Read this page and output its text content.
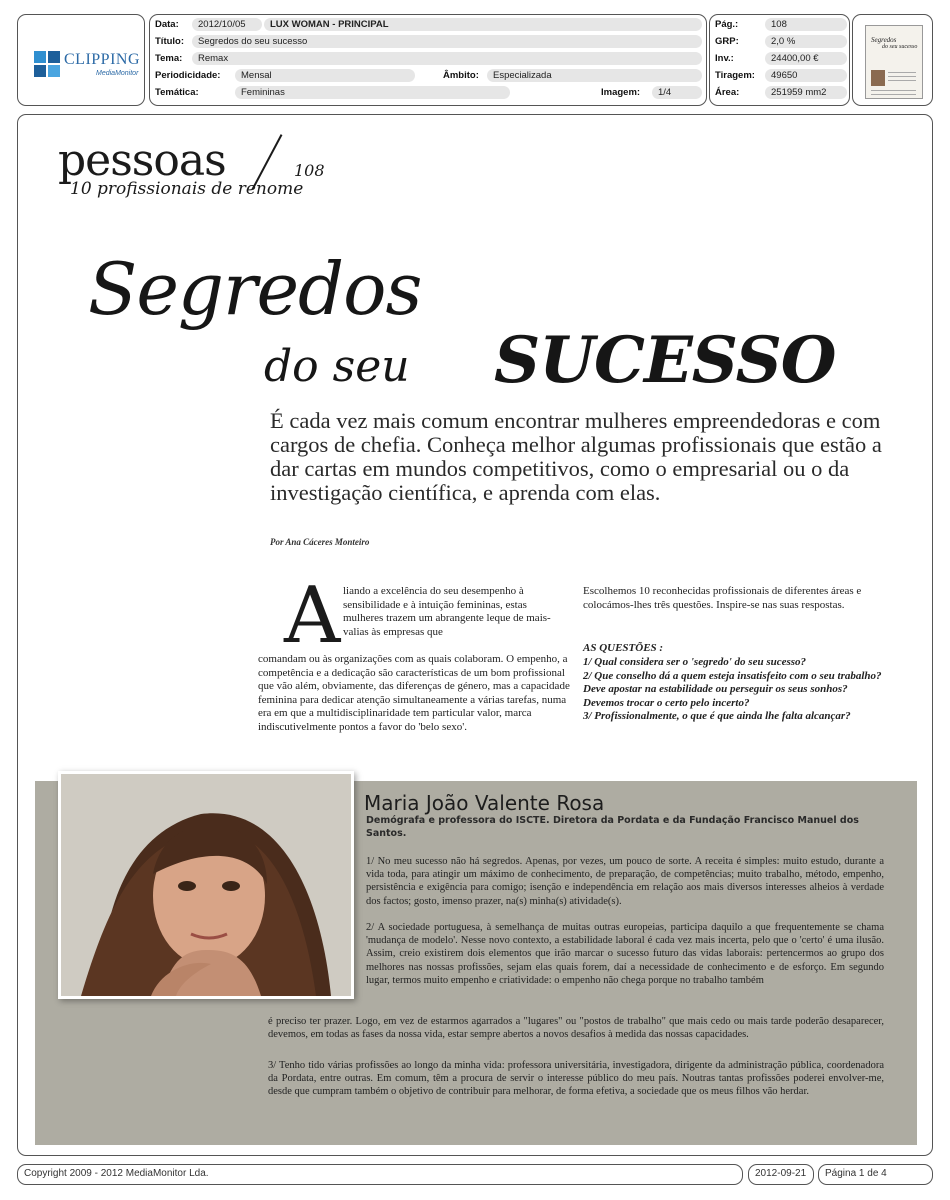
CLIPPING
MediaMonitor
Data:	2012/10/05	LUX WOMAN - PRINCIPAL
Título:	Segredos do seu sucesso
Tema:	Remax
Periodicidade:	Mensal	Âmbito:	Especializada
Temática:	Femininas	Imagem:	1/4
Pág.:	108
GRP:	2,0 %
Inv.:	24400,00 €
Tiragem:	49650
Área:	251959 mm2
Segredos
do seu sucesso
pessoas	108
10 profissionais de renome
Segredos
do seu SUCESSO
É cada vez mais comum encontrar mulheres empreendedoras e com cargos de chefia. Conheça melhor algumas profissionais que estão a dar cartas em mundos competitivos, como o empresarial ou o da investigação científica, e aprenda com elas.
Por Ana Cáceres Monteiro
A liando a excelência do seu desempenho à sensibilidade e à intuição femininas, estas mulheres trazem um abrangente leque de mais-valias às empresas que
comandam ou às organizações com as quais colaboram. O empenho, a competência e a dedicação são características de um bom profissional que vão além, obviamente, das diferenças de género, mas a capacidade feminina para dedicar atenção simultaneamente a várias tarefas, numa era em que a multidisciplinaridade tem particular valor, marca indiscutivelmente pontos a favor do 'belo sexo'.
Escolhemos 10 reconhecidas profissionais de diferentes áreas e colocámos-lhes três questões. Inspire-se nas suas respostas.
AS QUESTÕES :
1/ Qual considera ser o 'segredo' do seu sucesso?
2/ Que conselho dá a quem esteja insatisfeito com o seu trabalho? Deve apostar na estabilidade ou perseguir os seus sonhos? Devemos trocar o certo pelo incerto?
3/ Profissionalmente, o que é que ainda lhe falta alcançar?
Maria João Valente Rosa
Demógrafa e professora do ISCTE. Diretora da Pordata e da Fundação Francisco Manuel dos Santos.
1/ No meu sucesso não há segredos. Apenas, por vezes, um pouco de sorte. A receita é simples: muito estudo, durante a vida toda, para atingir um máximo de conhecimento, de preparação, de competências; muito trabalho, método, empenho, persistência e exigência para comigo; isenção e independência em relação aos mais diversos interesses alheios à verdade dos factos; gosto, imenso prazer, na(s) minha(s) atividade(s).
2/ A sociedade portuguesa, à semelhança de muitas outras europeias, participa daquilo a que frequentemente se chama 'mudança de modelo'. Nesse novo contexto, a estabilidade laboral é cada vez mais incerta, pelo que o 'certo' é uma ilusão. Assim, creio existirem dois elementos que irão marcar o sucesso futuro das vidas laborais: pertencermos ao grupo dos melhores nas nossas profissões, sejam elas quais forem, daí a necessidade de conhecimento e de esforço. Em segundo lugar, termos muito empenho e criatividade: o empenho não chega porque no trabalho também
é preciso ter prazer. Logo, em vez de estarmos agarrados a "lugares" ou "postos de trabalho" que mais cedo ou mais tarde poderão desaparecer, devemos, em todas as fases da nossa vida, estar sempre abertos a novos desafios à medida das nossas capacidades.
3/ Tenho tido várias profissões ao longo da minha vida: professora universitária, investigadora, dirigente da administração pública, coordenadora da Pordata, entre outras. Em comum, têm a procura de servir o interesse público do meu país. Noutras tantas profissões poderei envolver-me, desde que cumpram também o objetivo de contribuir para melhorar, de forma efetiva, a sociedade que os meus filhos vão herdar.
Copyright 2009 - 2012 MediaMonitor Lda.	2012-09-21 Página 1 de 4
